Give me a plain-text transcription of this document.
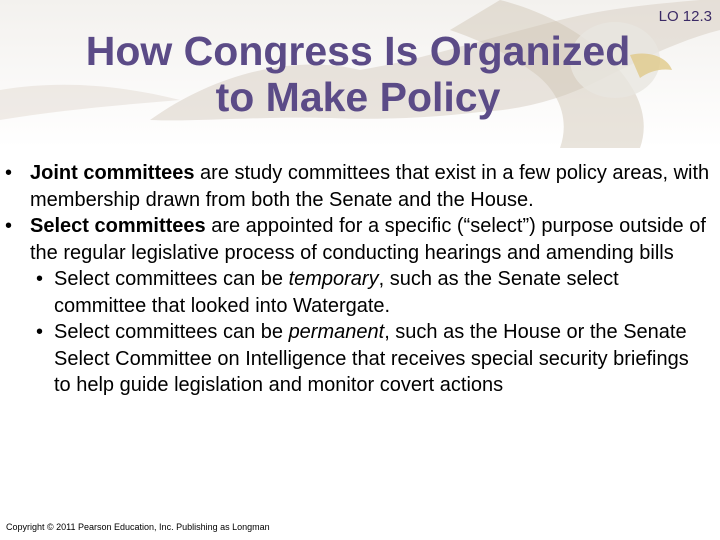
LO 12.3
How Congress Is Organized
to Make Policy
• Joint committees are study committees that exist in a few policy areas, with membership drawn from both the Senate and the House.
• Select committees are appointed for a specific (“select”) purpose outside of the regular legislative process of conducting hearings and amending bills
• Select committees can be temporary, such as the Senate select committee that looked into Watergate.
• Select committees can be permanent, such as the House or the Senate Select Committee on Intelligence that receives special security briefings to help guide legislation and monitor covert actions
Copyright © 2011 Pearson Education, Inc. Publishing as Longman
